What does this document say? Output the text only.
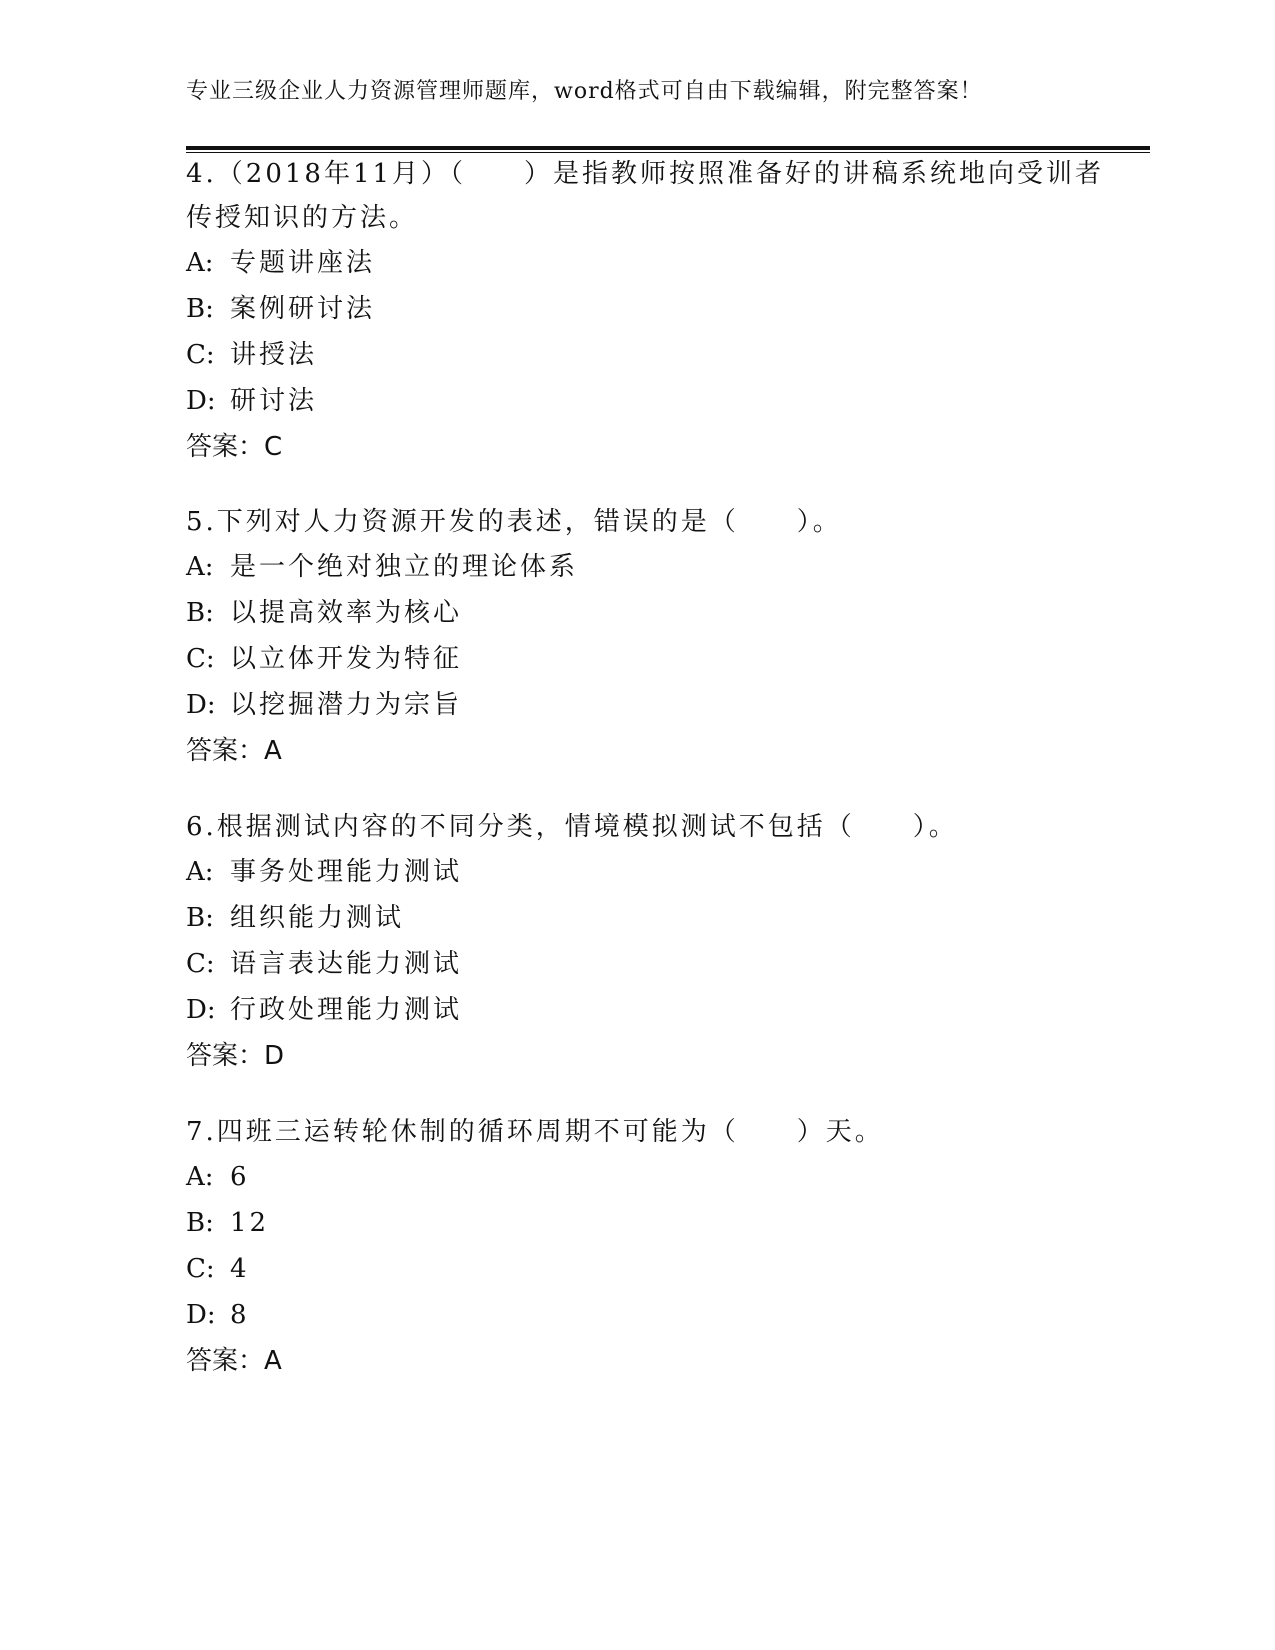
专业三级企业人力资源管理师题库，word格式可自由下载编辑，附完整答案！

4.（2018年11月）（　　）是指教师按照准备好的讲稿系统地向受训者传授知识的方法。

A: 专题讲座法

B: 案例研讨法

C: 讲授法

D: 研讨法

答案：C

5.下列对人力资源开发的表述，错误的是（　　）。

A: 是一个绝对独立的理论体系

B: 以提高效率为核心

C: 以立体开发为特征

D: 以挖掘潜力为宗旨

答案：A

6.根据测试内容的不同分类，情境模拟测试不包括（　　）。

A: 事务处理能力测试

B: 组织能力测试

C: 语言表达能力测试

D: 行政处理能力测试

答案：D

7.四班三运转轮休制的循环周期不可能为（　　）天。

A: 6

B: 12

C: 4

D: 8

答案：A
